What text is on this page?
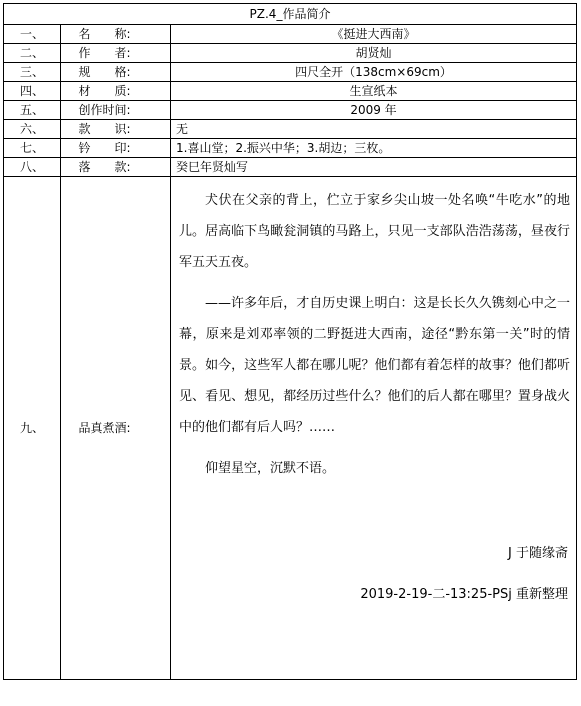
PZ.4_作品简介		
一、	名　　称:	《挺进大西南》
二、	作　　者:	胡贤灿
三、	规　　格:	四尺全开（138cm×69cm）
四、	材　　质:	生宣纸本
五、	创作时间:	2009 年
六、	款　　识:	无
七、	钤　　印:	1.喜山堂；2.振兴中华；3.胡边；三枚。
八、	落　　款:	癸巳年贤灿写
九、	品真煮酒:	犬伏在父亲的背上，伫立于家乡尖山坡一处名唤“牛吃水”的地儿。居高临下鸟瞰瓮洞镇的马路上，只见一支部队浩浩荡荡，昼夜行军五天五夜。

——许多年后，才自历史课上明白：这是长长久久镌刻心中之一幕，原来是刘邓率领的二野挺进大西南，途径“黔东第一关”时的情景。如今，这些军人都在哪儿呢？他们都有着怎样的故事？他们都听见、看见、想见，都经历过些什么？他们的后人都在哪里？置身战火中的他们都有后人吗？……

仰望星空，沉默不语。

J 于随缘斋

2019-2-19-二-13:25-PSj 重新整理
